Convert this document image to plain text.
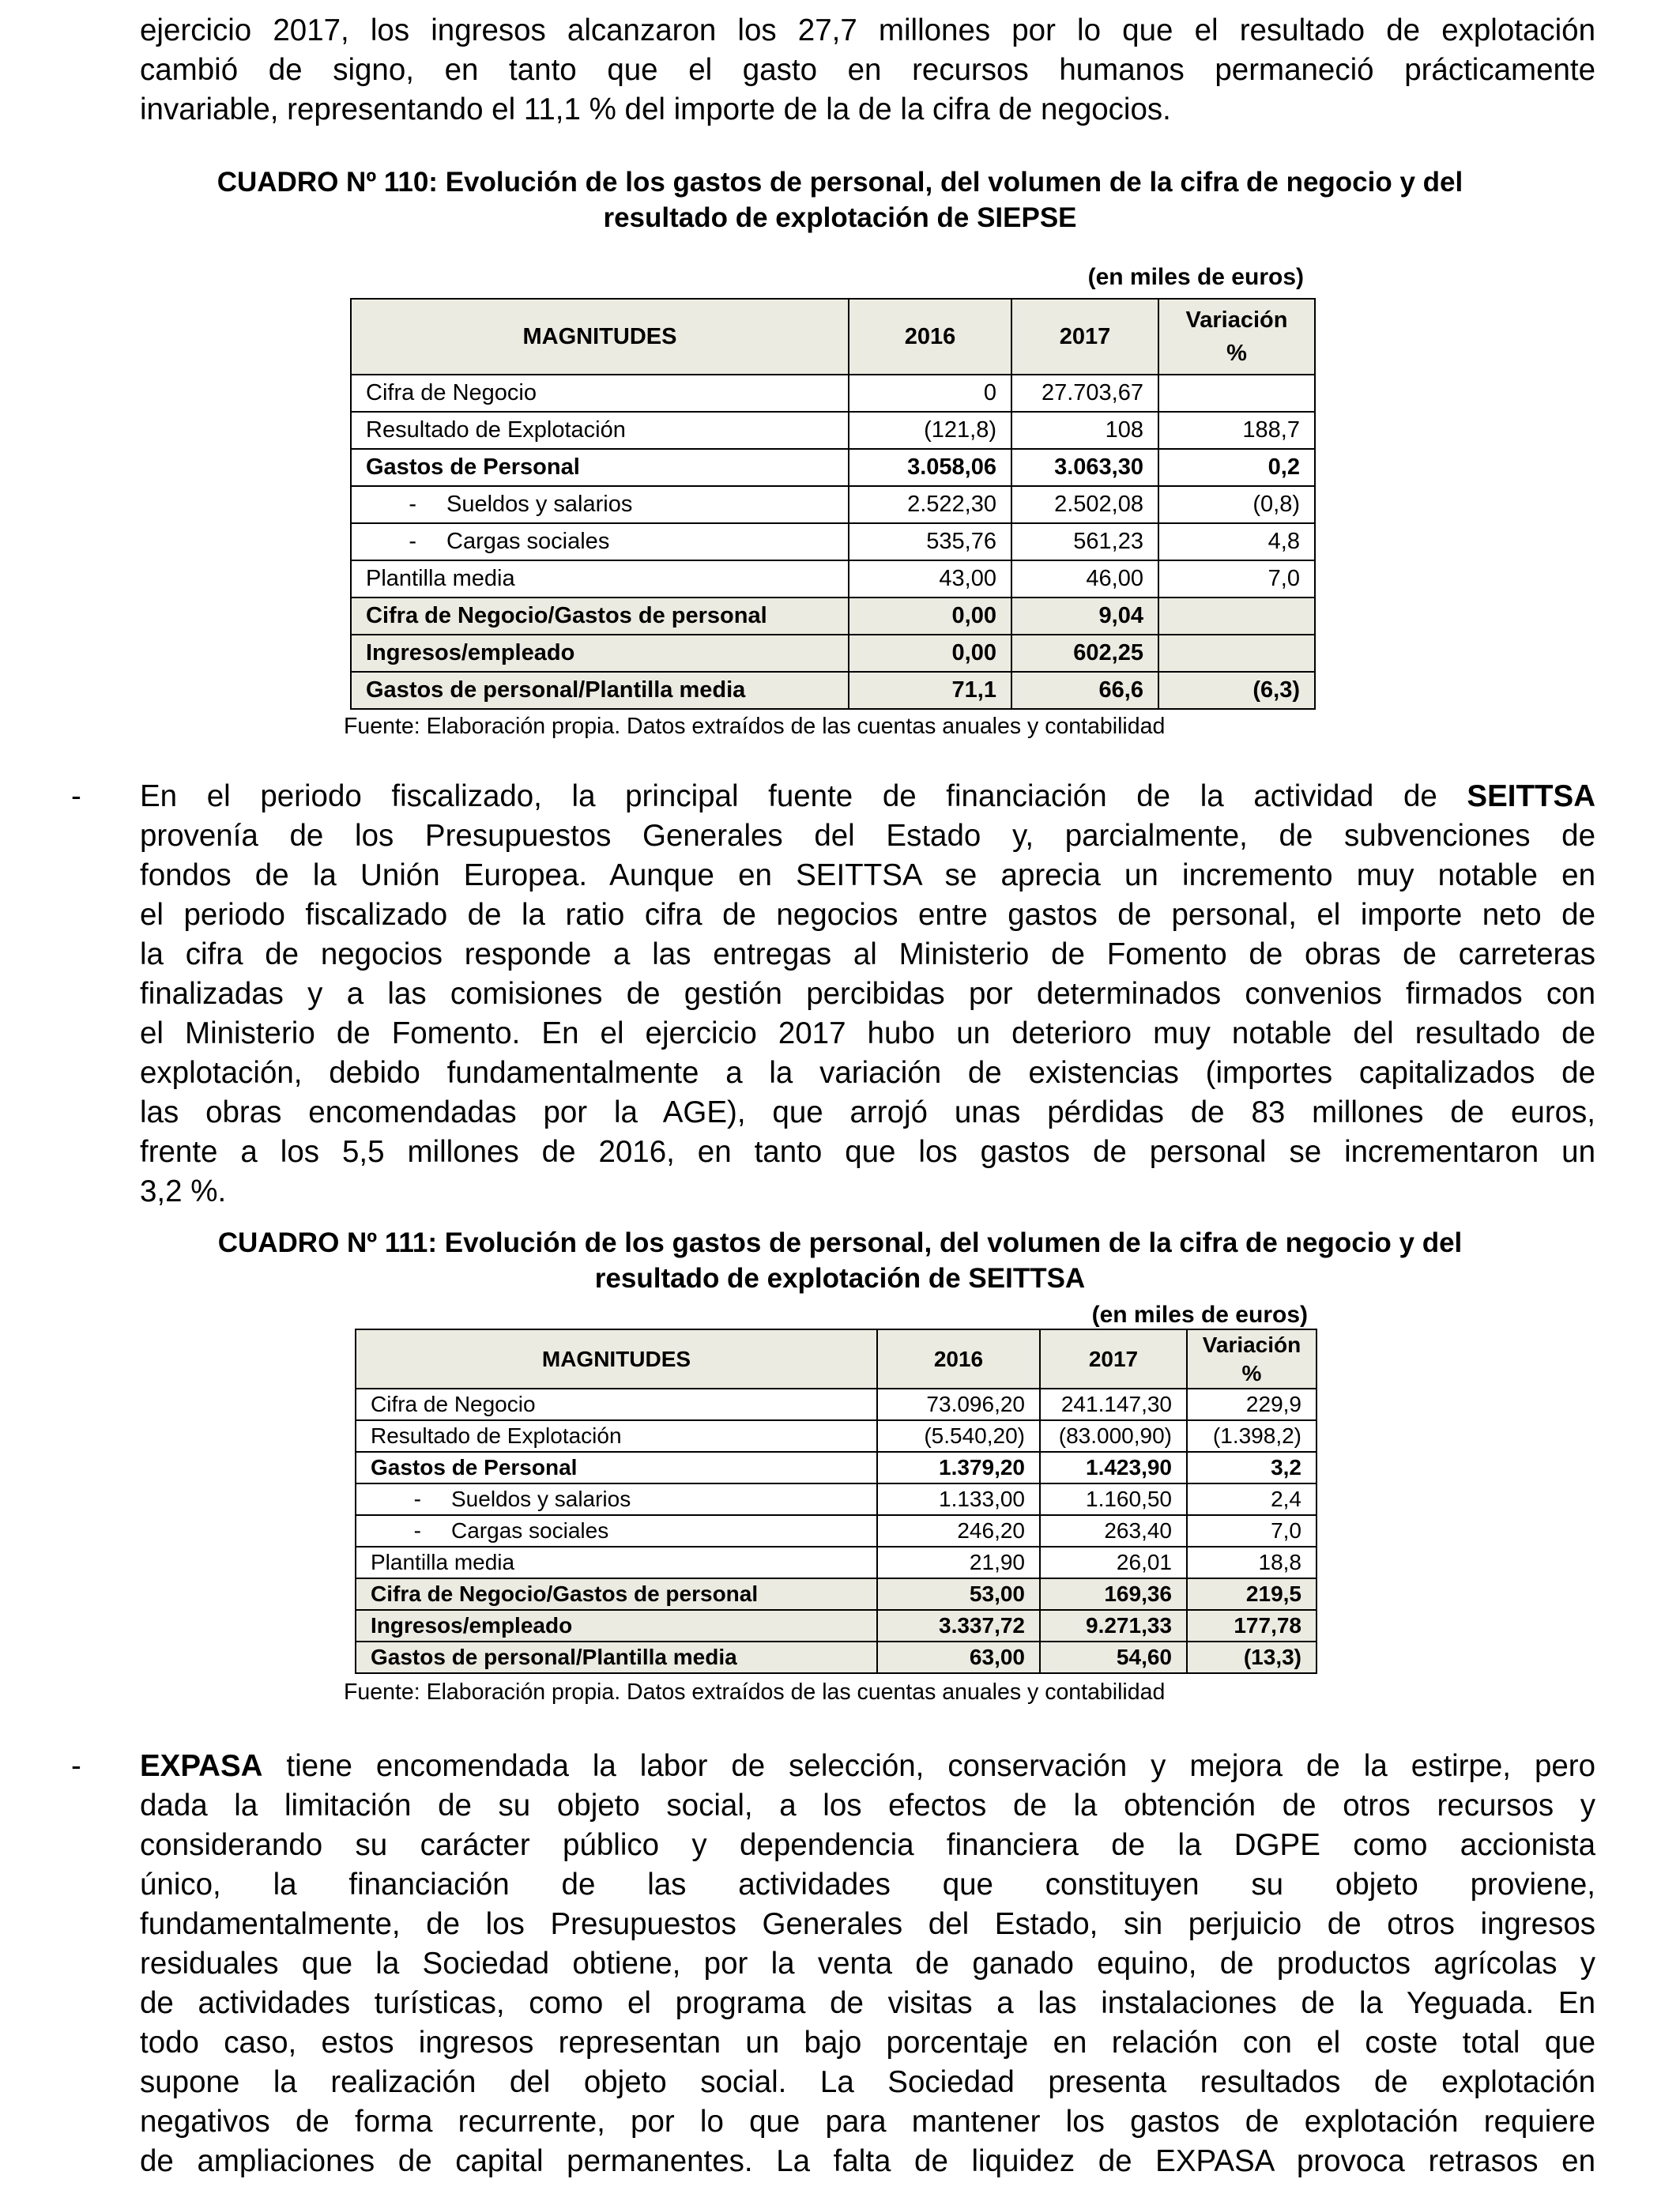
ejercicio 2017, los ingresos alcanzaron los 27,7 millones por lo que el resultado de explotación
cambió de signo, en tanto que el gasto en recursos humanos permaneció prácticamente
invariable, representando el 11,1 % del importe de la de la cifra de negocios.
CUADRO Nº 110: Evolución de los gastos de personal, del volumen de la cifra de negocio y del
resultado de explotación de SIEPSE
(en miles de euros)
MAGNITUDES	2016	2017	Variación
%

Cifra de Negocio	0	27.703,67	
Resultado de Explotación	(121,8)	108	188,7
Gastos de Personal	3.058,06	3.063,30	0,2
- Sueldos y salarios	2.522,30	2.502,08	(0,8)
- Cargas sociales	535,76	561,23	4,8
Plantilla media	43,00	46,00	7,0
Cifra de Negocio/Gastos de personal	0,00	9,04	
Ingresos/empleado	0,00	602,25	
Gastos de personal/Plantilla media	71,1	66,6	(6,3)
Fuente: Elaboración propia. Datos extraídos de las cuentas anuales y contabilidad
- En el periodo fiscalizado, la principal fuente de financiación de la actividad de SEITTSA
provenía de los Presupuestos Generales del Estado y, parcialmente, de subvenciones de
fondos de la Unión Europea. Aunque en SEITTSA se aprecia un incremento muy notable en
el periodo fiscalizado de la ratio cifra de negocios entre gastos de personal, el importe neto de
la cifra de negocios responde a las entregas al Ministerio de Fomento de obras de carreteras
finalizadas y a las comisiones de gestión percibidas por determinados convenios firmados con
el Ministerio de Fomento. En el ejercicio 2017 hubo un deterioro muy notable del resultado de
explotación, debido fundamentalmente a la variación de existencias (importes capitalizados de
las obras encomendadas por la AGE), que arrojó unas pérdidas de 83 millones de euros,
frente a los 5,5 millones de 2016, en tanto que los gastos de personal se incrementaron un
3,2 %.
CUADRO Nº 111: Evolución de los gastos de personal, del volumen de la cifra de negocio y del
resultado de explotación de SEITTSA
(en miles de euros)
MAGNITUDES	2016	2017	Variación
%

Cifra de Negocio	73.096,20	241.147,30	229,9
Resultado de Explotación	(5.540,20)	(83.000,90)	(1.398,2)
Gastos de Personal	1.379,20	1.423,90	3,2
- Sueldos y salarios	1.133,00	1.160,50	2,4
- Cargas sociales	246,20	263,40	7,0
Plantilla media	21,90	26,01	18,8
Cifra de Negocio/Gastos de personal	53,00	169,36	219,5
Ingresos/empleado	3.337,72	9.271,33	177,78
Gastos de personal/Plantilla media	63,00	54,60	(13,3)
Fuente: Elaboración propia. Datos extraídos de las cuentas anuales y contabilidad
- EXPASA tiene encomendada la labor de selección, conservación y mejora de la estirpe, pero
dada la limitación de su objeto social, a los efectos de la obtención de otros recursos y
considerando su carácter público y dependencia financiera de la DGPE como accionista
único, la financiación de las actividades que constituyen su objeto proviene,
fundamentalmente, de los Presupuestos Generales del Estado, sin perjuicio de otros ingresos
residuales que la Sociedad obtiene, por la venta de ganado equino, de productos agrícolas y
de actividades turísticas, como el programa de visitas a las instalaciones de la Yeguada. En
todo caso, estos ingresos representan un bajo porcentaje en relación con el coste total que
supone la realización del objeto social. La Sociedad presenta resultados de explotación
negativos de forma recurrente, por lo que para mantener los gastos de explotación requiere
de ampliaciones de capital permanentes. La falta de liquidez de EXPASA provoca retrasos en
